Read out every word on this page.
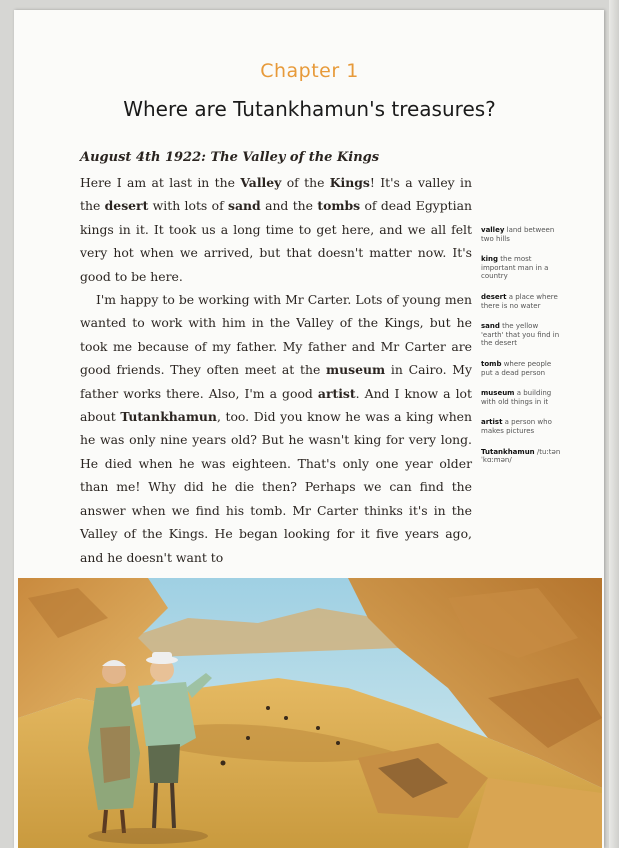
Chapter 1
Where are Tutankhamun's treasures?
August 4th 1922: The Valley of the Kings

Here I am at last in the Valley of the Kings! It's a valley in the desert with lots of sand and the tombs of dead Egyptian kings in it. It took us a long time to get here, and we all felt very hot when we arrived, but that doesn't matter now. It's good to be here.

I'm happy to be working with Mr Carter. Lots of young men wanted to work with him in the Valley of the Kings, but he took me because of my father. My father and Mr Carter are good friends. They often meet at the museum in Cairo. My father works there. Also, I'm a good artist. And I know a lot about Tutankhamun, too. Did you know he was a king when he was only nine years old? But he wasn't king for very long. He died when he was eighteen. That's only one year older than me! Why did he die then? Perhaps we can find the answer when we find his tomb. Mr Carter thinks it's in the Valley of the Kings. He began looking for it five years ago, and he doesn't want to

valley land between two hills
king the most important man in a country
desert a place where there is no water
sand the yellow 'earth' that you find in the desert
tomb where people put a dead person
museum a building with old things in it
artist a person who makes pictures
Tutankhamun /tuːtənˈkɑːmən/
